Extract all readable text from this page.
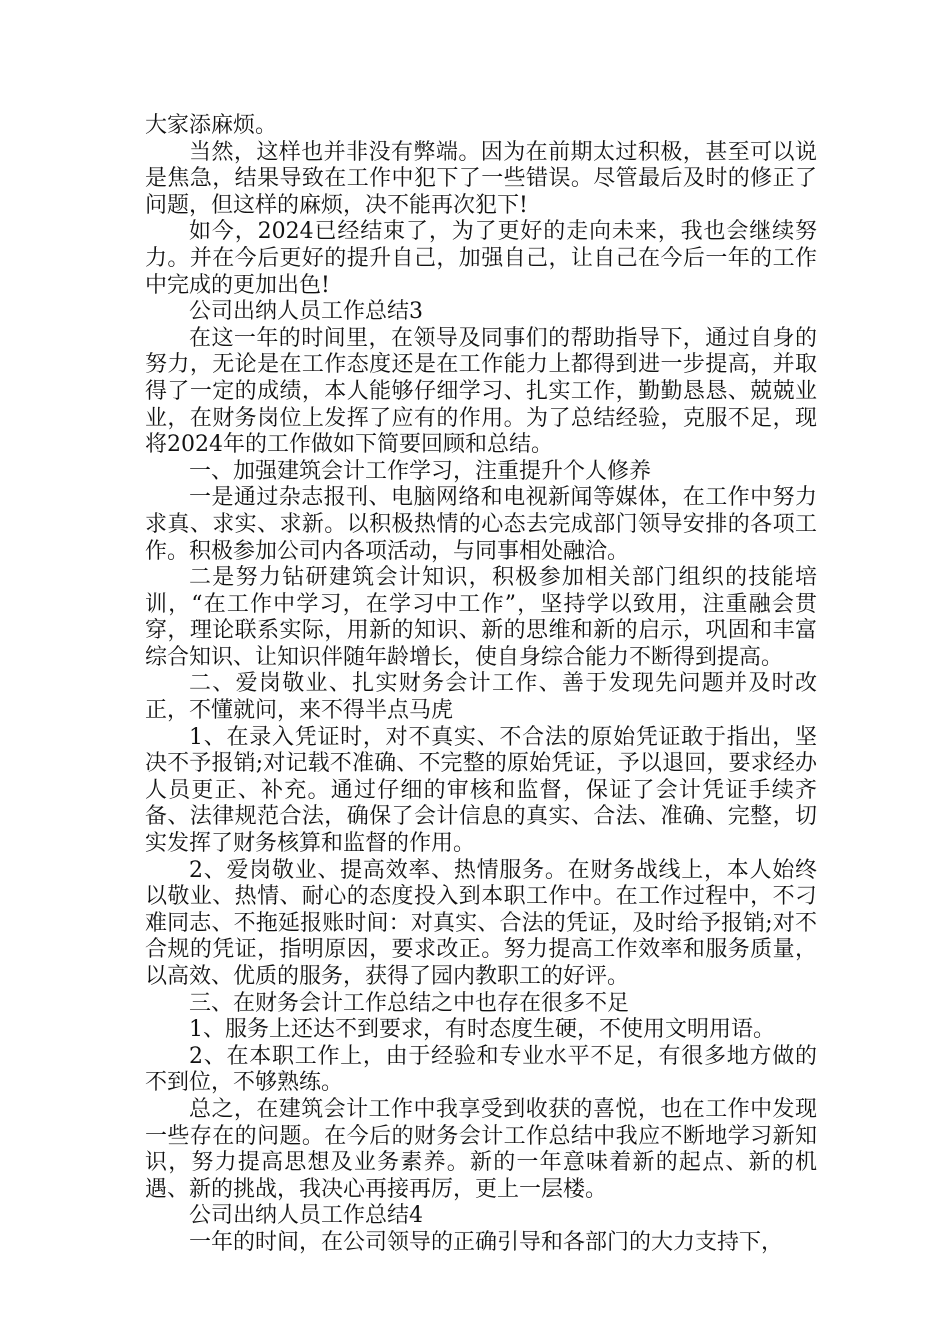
大家添麻烦。

当然，这样也并非没有弊端。因为在前期太过积极，甚至可以说是焦急，结果导致在工作中犯下了一些错误。尽管最后及时的修正了问题，但这样的麻烦，决不能再次犯下!

如今，2024已经结束了，为了更好的走向未来，我也会继续努力。并在今后更好的提升自己，加强自己，让自己在今后一年的工作中完成的更加出色!

公司出纳人员工作总结3

在这一年的时间里，在领导及同事们的帮助指导下，通过自身的努力，无论是在工作态度还是在工作能力上都得到进一步提高，并取得了一定的成绩，本人能够仔细学习、扎实工作，勤勤恳恳、兢兢业业，在财务岗位上发挥了应有的作用。为了总结经验，克服不足，现将2024年的工作做如下简要回顾和总结。

一、加强建筑会计工作学习，注重提升个人修养

一是通过杂志报刊、电脑网络和电视新闻等媒体，在工作中努力求真、求实、求新。以积极热情的心态去完成部门领导安排的各项工作。积极参加公司内各项活动，与同事相处融洽。

二是努力钻研建筑会计知识，积极参加相关部门组织的技能培训，“在工作中学习，在学习中工作”，坚持学以致用，注重融会贯穿，理论联系实际，用新的知识、新的思维和新的启示，巩固和丰富综合知识、让知识伴随年龄增长，使自身综合能力不断得到提高。

二、爱岗敬业、扎实财务会计工作、善于发现先问题并及时改正，不懂就问，来不得半点马虎

1、在录入凭证时，对不真实、不合法的原始凭证敢于指出，坚决不予报销;对记载不准确、不完整的原始凭证，予以退回，要求经办人员更正、补充。通过仔细的审核和监督，保证了会计凭证手续齐备、法律规范合法，确保了会计信息的真实、合法、准确、完整，切实发挥了财务核算和监督的作用。

2、爱岗敬业、提高效率、热情服务。在财务战线上，本人始终以敬业、热情、耐心的态度投入到本职工作中。在工作过程中，不刁难同志、不拖延报账时间：对真实、合法的凭证，及时给予报销;对不合规的凭证，指明原因，要求改正。努力提高工作效率和服务质量，以高效、优质的服务，获得了园内教职工的好评。

三、在财务会计工作总结之中也存在很多不足

1、服务上还达不到要求，有时态度生硬，不使用文明用语。

2、在本职工作上，由于经验和专业水平不足，有很多地方做的不到位，不够熟练。

总之，在建筑会计工作中我享受到收获的喜悦，也在工作中发现一些存在的问题。在今后的财务会计工作总结中我应不断地学习新知识，努力提高思想及业务素养。新的一年意味着新的起点、新的机遇、新的挑战，我决心再接再厉，更上一层楼。

公司出纳人员工作总结4

一年的时间，在公司领导的正确引导和各部门的大力支持下，
